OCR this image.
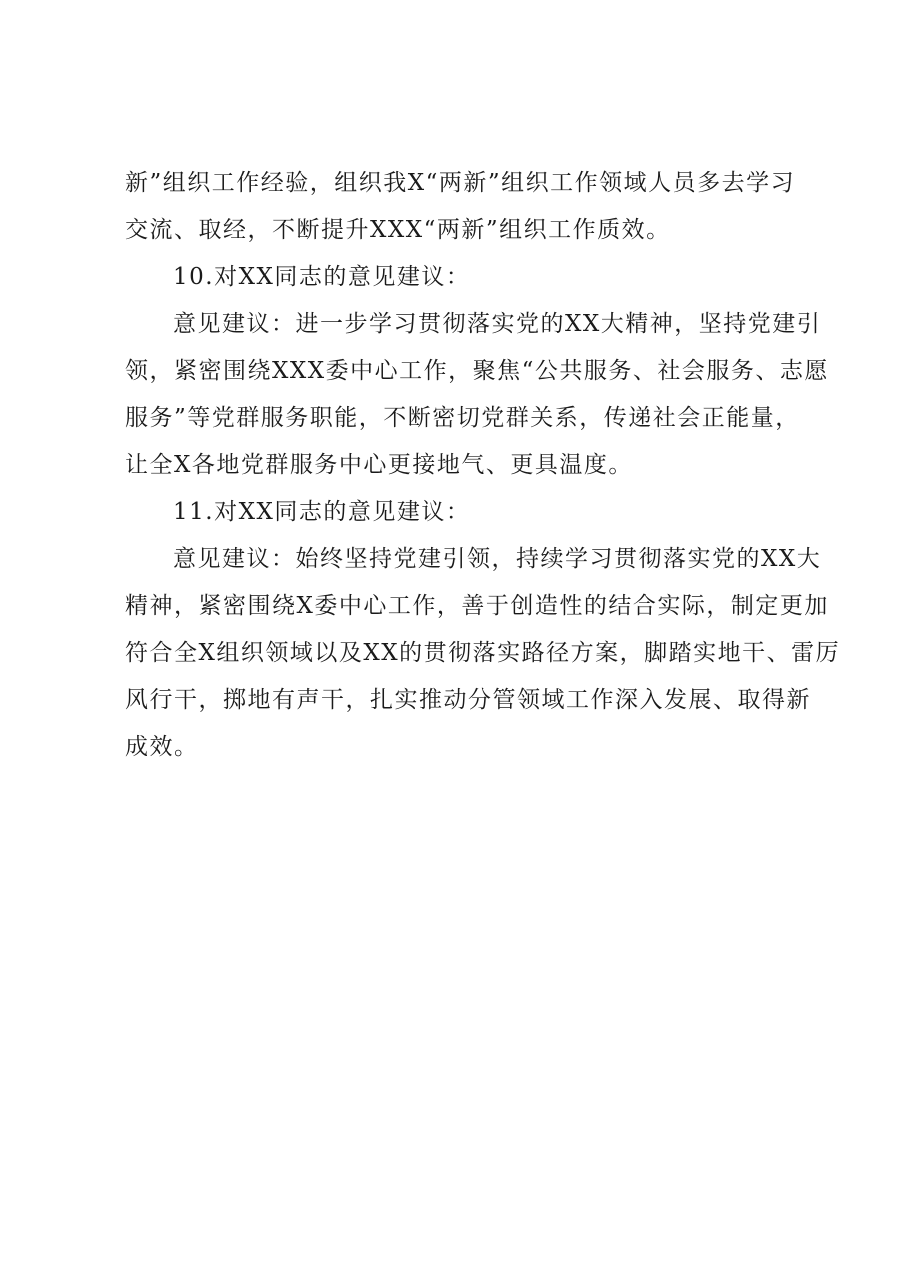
新”组织工作经验，组织我X“两新”组织工作领域人员多去学习
交流、取经，不断提升XXX“两新”组织工作质效。
10.对XX同志的意见建议：
意见建议：进一步学习贯彻落实党的XX大精神，坚持党建引
领，紧密围绕XXX委中心工作，聚焦“公共服务、社会服务、志愿
服务”等党群服务职能，不断密切党群关系，传递社会正能量，
让全X各地党群服务中心更接地气、更具温度。
11.对XX同志的意见建议：
意见建议：始终坚持党建引领，持续学习贯彻落实党的XX大
精神，紧密围绕X委中心工作，善于创造性的结合实际，制定更加
符合全X组织领域以及XX的贯彻落实路径方案，脚踏实地干、雷厉
风行干，掷地有声干，扎实推动分管领域工作深入发展、取得新
成效。
